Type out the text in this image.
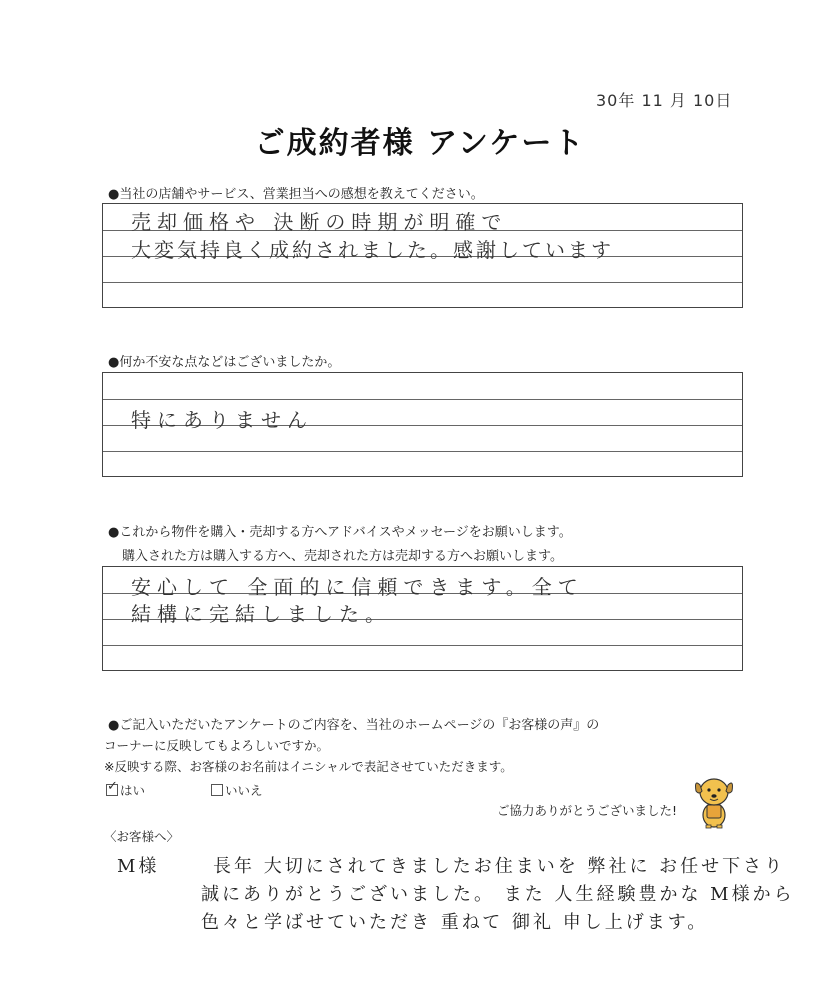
30年 11 月 10日
ご成約者様 アンケート
●当社の店舗やサービス、営業担当への感想を教えてください。
売却価格や 決断の時期が明確で
大変気持良く成約されました。感謝しています
●何か不安な点などはございましたか。
特にありません
●これから物件を購入・売却する方へアドバイスやメッセージをお願いします。
購入された方は購入する方へ、売却された方は売却する方へお願いします。
安心して 全面的に信頼できます。全て
結構に完結しました。
●ご記入いただいたアンケートのご内容を、当社のホームページの『お客様の声』の
コーナーに反映してもよろしいですか。
※反映する際、お客様のお名前はイニシャルで表記させていただきます。
✓はい	いいえ
ご協力ありがとうございました!
〈お客様へ〉
M様	長年 大切にされてきましたお住まいを 弊社に お任せ下さり
誠にありがとうございました。 また 人生経験豊かな M様から
色々と学ばせていただき 重ねて 御礼 申し上げます。
